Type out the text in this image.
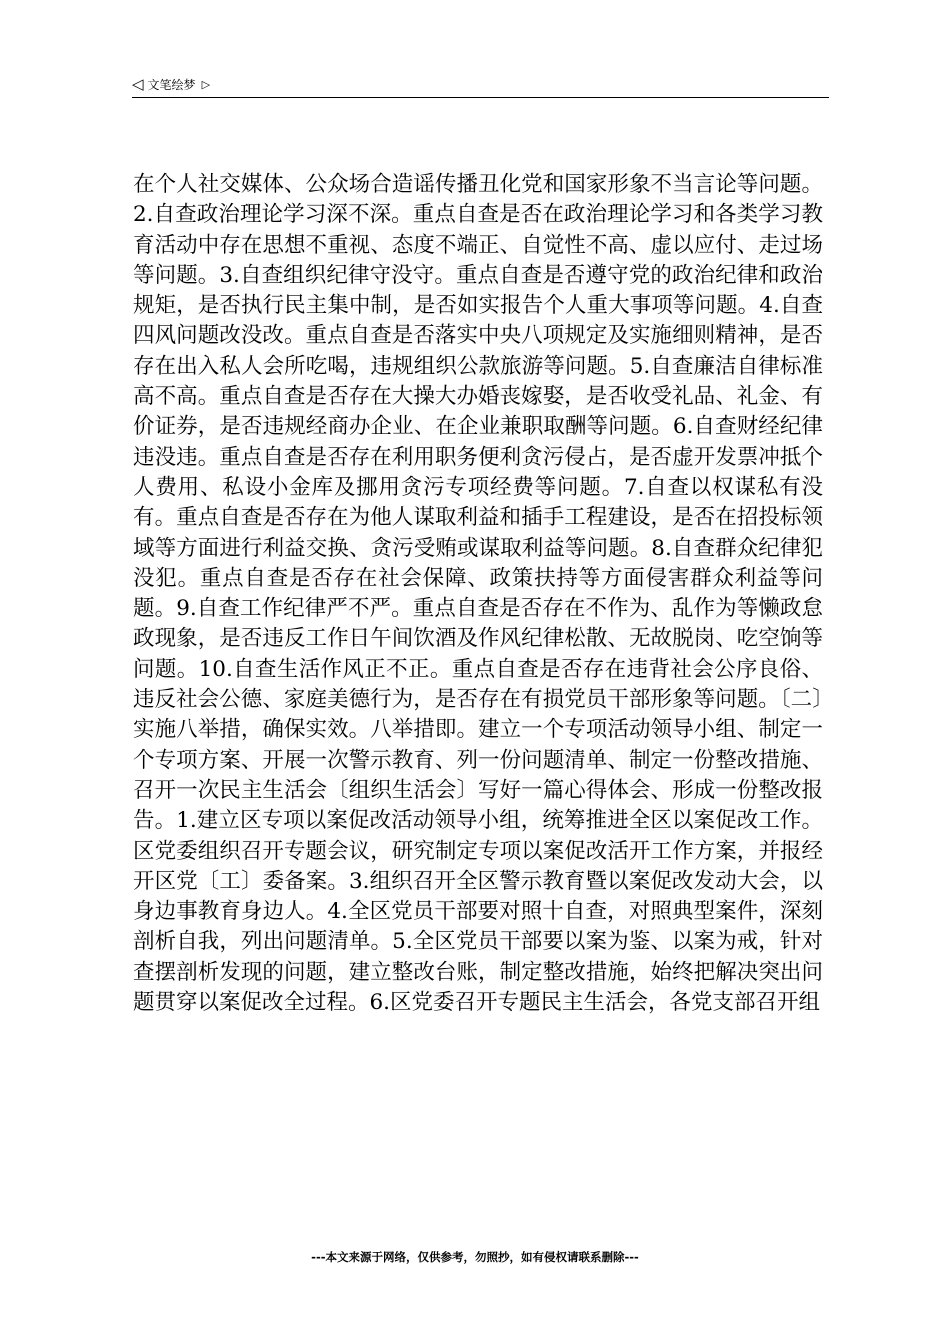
◁ 文笔绘梦 ▷

在个人社交媒体、公众场合造谣传播丑化党和国家形象不当言论等问题。2.自查政治理论学习深不深。重点自查是否在政治理论学习和各类学习教育活动中存在思想不重视、态度不端正、自觉性不高、虚以应付、走过场等问题。3.自查组织纪律守没守。重点自查是否遵守党的政治纪律和政治规矩，是否执行民主集中制，是否如实报告个人重大事项等问题。4.自查四风问题改没改。重点自查是否落实中央八项规定及实施细则精神，是否存在出入私人会所吃喝，违规组织公款旅游等问题。5.自查廉洁自律标准高不高。重点自查是否存在大操大办婚丧嫁娶，是否收受礼品、礼金、有价证券，是否违规经商办企业、在企业兼职取酬等问题。6.自查财经纪律违没违。重点自查是否存在利用职务便利贪污侵占，是否虚开发票冲抵个人费用、私设小金库及挪用贪污专项经费等问题。7.自查以权谋私有没有。重点自查是否存在为他人谋取利益和插手工程建设，是否在招投标领域等方面进行利益交换、贪污受贿或谋取利益等问题。8.自查群众纪律犯没犯。重点自查是否存在社会保障、政策扶持等方面侵害群众利益等问题。9.自查工作纪律严不严。重点自查是否存在不作为、乱作为等懒政怠政现象，是否违反工作日午间饮酒及作风纪律松散、无故脱岗、吃空饷等问题。10.自查生活作风正不正。重点自查是否存在违背社会公序良俗、违反社会公德、家庭美德行为，是否存在有损党员干部形象等问题。〔二〕实施八举措，确保实效。八举措即。建立一个专项活动领导小组、制定一个专项方案、开展一次警示教育、列一份问题清单、制定一份整改措施、召开一次民主生活会〔组织生活会〕写好一篇心得体会、形成一份整改报告。1.建立区专项以案促改活动领导小组，统筹推进全区以案促改工作。区党委组织召开专题会议，研究制定专项以案促改活开工作方案，并报经开区党〔工〕委备案。3.组织召开全区警示教育暨以案促改发动大会，以身边事教育身边人。4.全区党员干部要对照十自查，对照典型案件，深刻剖析自我，列出问题清单。5.全区党员干部要以案为鉴、以案为戒，针对查摆剖析发现的问题，建立整改台账，制定整改措施，始终把解决突出问题贯穿以案促改全过程。6.区党委召开专题民主生活会，各党支部召开组

---本文来源于网络，仅供参考，勿照抄，如有侵权请联系删除---
